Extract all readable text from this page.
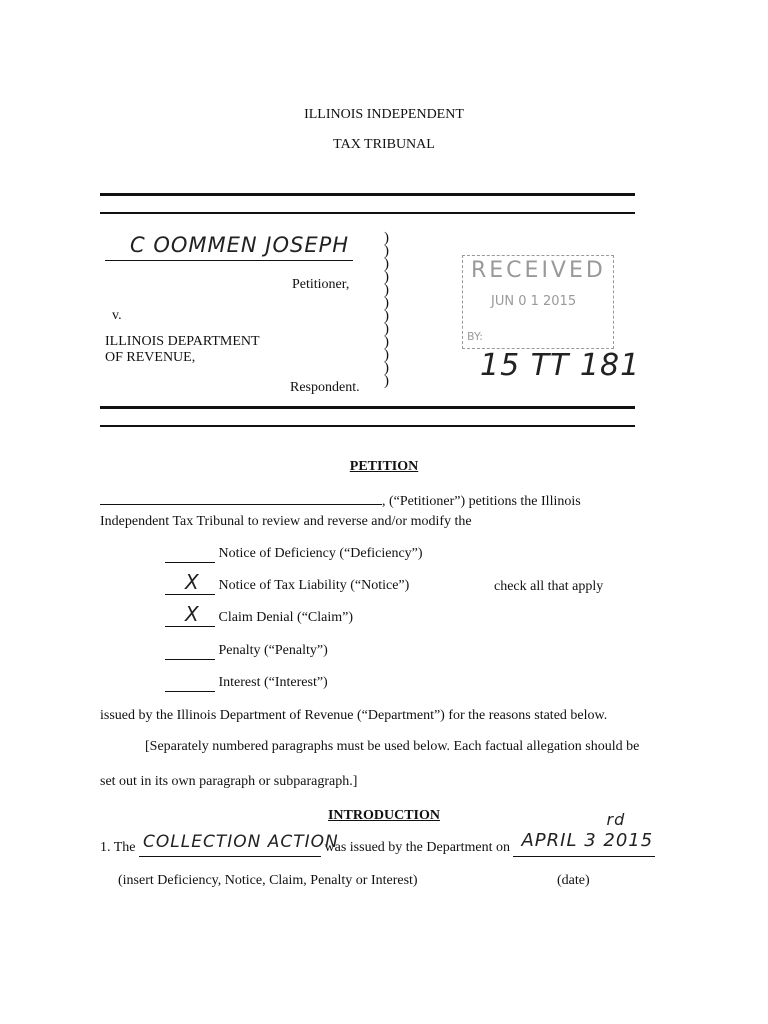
ILLINOIS INDEPENDENT
TAX TRIBUNAL
C OOMMEN JOSEPH
Petitioner,
v.
ILLINOIS DEPARTMENT
OF REVENUE,
Respondent.
)
)
)
)
)
)
)
)
)
)
)
)
RECEIVED
JUN 0 1 2015
BY:
15 TT 181
PETITION
, (“Petitioner”) petitions the Illinois
Independent Tax Tribunal to review and reverse and/or modify the
Notice of Deficiency (“Deficiency”)
X Notice of Tax Liability (“Notice”)	check all that apply
X Claim Denial (“Claim”)
Penalty (“Penalty”)
Interest (“Interest”)
issued by the Illinois Department of Revenue (“Department”) for the reasons stated below.
[Separately numbered paragraphs must be used below. Each factual allegation should be
set out in its own paragraph or subparagraph.]
INTRODUCTION
1. The COLLECTION ACTION
was issued by the Department on APRIL 3 2015
rd

(insert Deficiency, Notice, Claim, Penalty or Interest)	(date)
